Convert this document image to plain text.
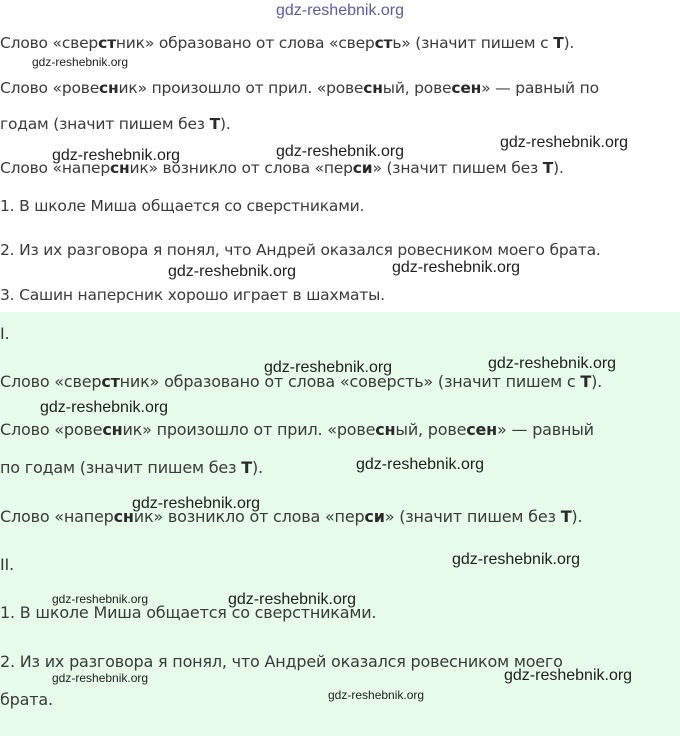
gdz-reshebnik.org
Слово «сверстник» образовано от слова «сверсть» (значит пишем с Т).
Слово «ровесник» произошло от прил. «ровесный, ровесен» — равный по
годам (значит пишем без Т).
Слово «наперсник» возникло от слова «перси» (значит пишем без Т).
1. В школе Миша общается со сверстниками.
2. Из их разговора я понял, что Андрей оказался ровесником моего брата.
3. Сашин наперсник хорошо играет в шахматы.
I.
Слово «сверстник» образовано от слова «соверсть» (значит пишем с Т).
Слово «ровесник» произошло от прил. «ровесный, ровесен» — равный
по годам (значит пишем без Т).
Слово «наперсник» возникло от слова «перси» (значит пишем без Т).
II.
1. В школе Миша общается со сверстниками.
2. Из их разговора я понял, что Андрей оказался ровесником моего
брата.
gdz-reshebnik.org
gdz-reshebnik.org	gdz-reshebnik.org
gdz-reshebnik.org
gdz-reshebnik.org	gdz-reshebnik.org
gdz-reshebnik.org	gdz-reshebnik.org
gdz-reshebnik.org
gdz-reshebnik.org
gdz-reshebnik.org
gdz-reshebnik.org
gdz-reshebnik.org	gdz-reshebnik.org
gdz-reshebnik.org	gdz-reshebnik.org
gdz-reshebnik.org
